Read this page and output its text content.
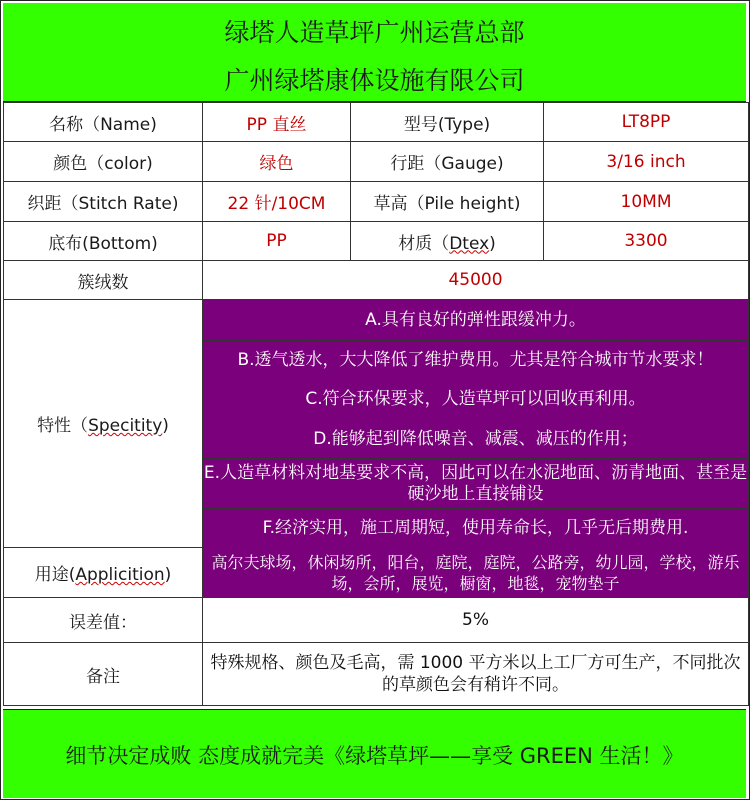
绿塔人造草坪广州运营总部
广州绿塔康体设施有限公司
名称（Name)	PP 直丝	型号(Type)	LT8PP
颜色（color)	绿色	行距（Gauge)	3/16 inch
织距（Stitch Rate)	22 针/10CM	草高（Pile height)	10MM
底布(Bottom)	PP	材质（Dtex)	3300
簇绒数	45000		
特性（Specitity)	A.具有良好的弹性跟缓冲力。		
	B.透气透水，大大降低了维护费用。尤其是符合城市节水要求！		
	C.符合环保要求，人造草坪可以回收再利用。		
	D.能够起到降低噪音、减震、减压的作用；		
	E.人造草材料对地基要求不高，因此可以在水泥地面、沥青地面、甚至是硬沙地上直接铺设		
	F.经济实用，施工周期短，使用寿命长，几乎无后期费用.		
用途(Applicition)	高尔夫球场，休闲场所，阳台，庭院，庭院，公路旁，幼儿园，学校，游乐场，会所，展览，橱窗，地毯，宠物垫子		
误差值：	5%		
备注	特殊规格、颜色及毛高，需 1000 平方米以上工厂方可生产，不同批次的草颜色会有稍许不同。		
细节决定成败 态度成就完美《绿塔草坪——享受 GREEN 生活！》
